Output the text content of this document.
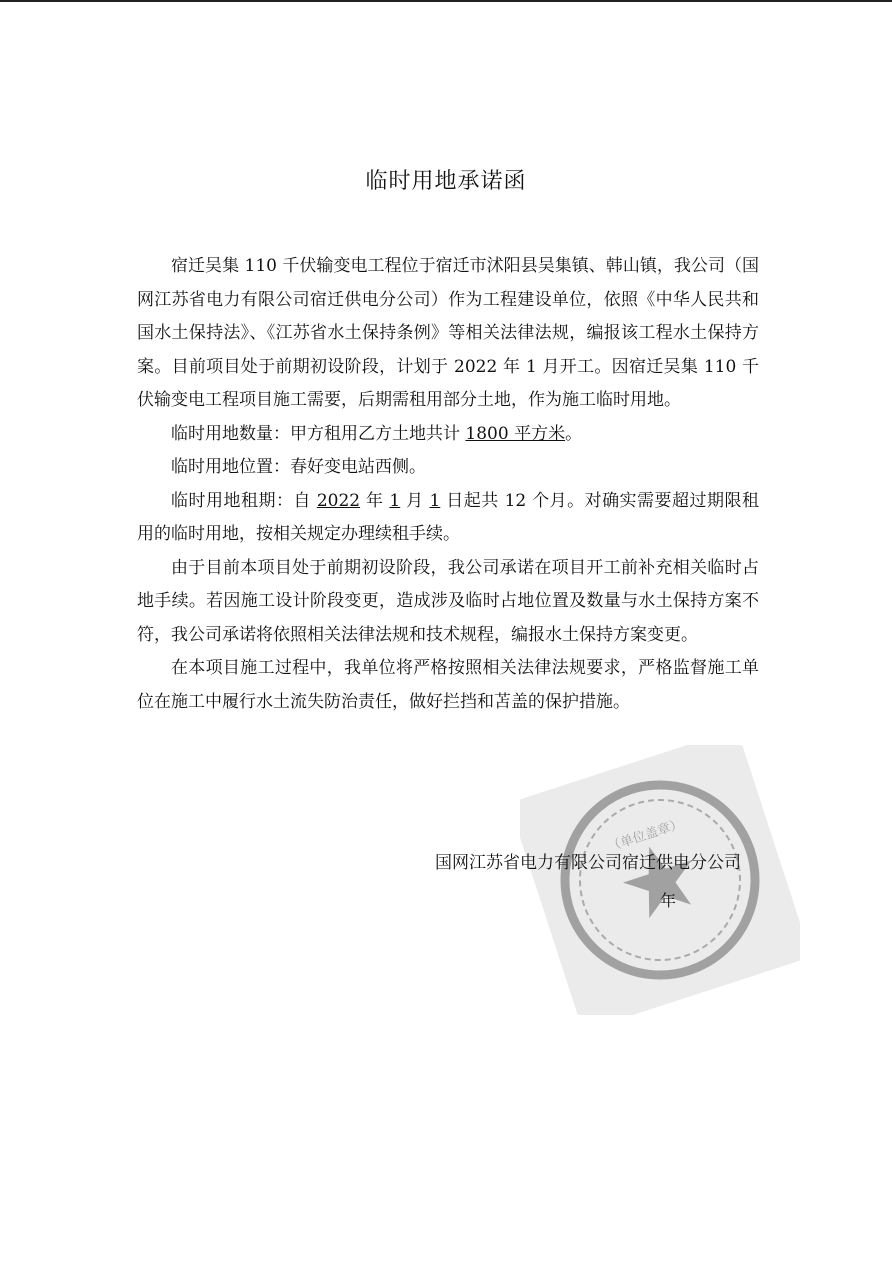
临时用地承诺函

宿迁吴集 110 千伏输变电工程位于宿迁市沭阳县吴集镇、韩山镇，我公司（国网江苏省电力有限公司宿迁供电分公司）作为工程建设单位，依照《中华人民共和国水土保持法》、《江苏省水土保持条例》等相关法律法规，编报该工程水土保持方案。目前项目处于前期初设阶段，计划于 2022 年 1 月开工。因宿迁吴集 110 千伏输变电工程项目施工需要，后期需租用部分土地，作为施工临时用地。

临时用地数量：甲方租用乙方土地共计 1800 平方米。

临时用地位置：春好变电站西侧。

临时用地租期：自 2022 年 1 月 1 日起共 12 个月。对确实需要超过期限租用的临时用地，按相关规定办理续租手续。

由于目前本项目处于前期初设阶段，我公司承诺在项目开工前补充相关临时占地手续。若因施工设计阶段变更，造成涉及临时占地位置及数量与水土保持方案不符，我公司承诺将依照相关法律法规和技术规程，编报水土保持方案变更。

在本项目施工过程中，我单位将严格按照相关法律法规要求，严格监督施工单位在施工中履行水土流失防治责任，做好拦挡和苫盖的保护措施。

（单位盖章）
国网江苏省电力有限公司宿迁供电分公司
年
